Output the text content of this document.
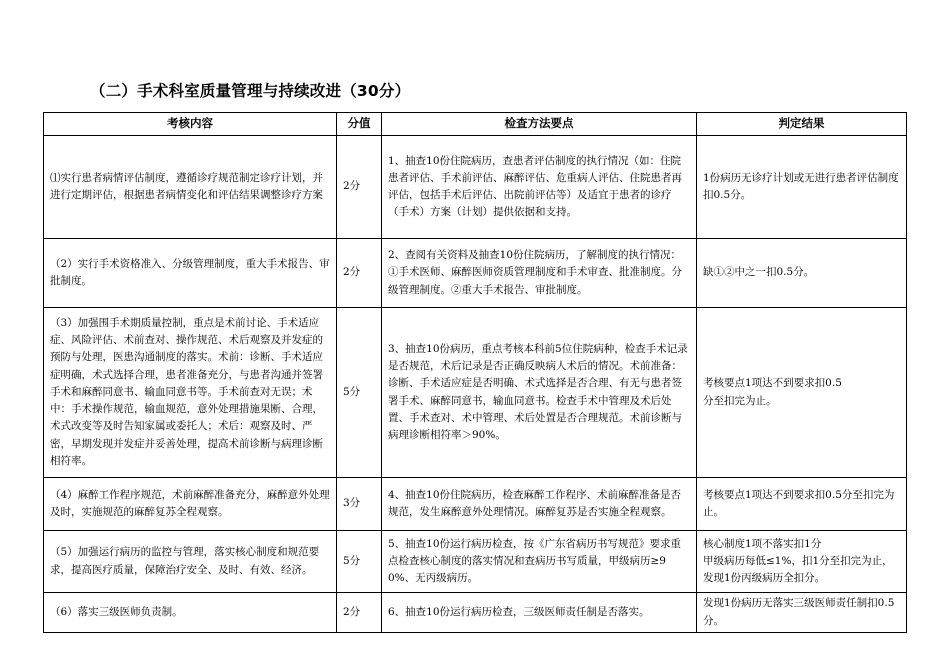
（二）手术科室质量管理与持续改进（30分）
考核内容	分值	检查方法要点	判定结果
⑴实行患者病情评估制度，遵循诊疗规范制定诊疗计划，并进行定期评估，根据患者病情变化和评估结果调整诊疗方案	2分	1、抽查10份住院病历，查患者评估制度的执行情况（如：住院患者评估、手术前评估、麻醉评估、危重病人评估、住院患者再评估，包括手术后评估、出院前评估等）及适宜于患者的诊疗（手术）方案（计划）提供依据和支持。	1份病历无诊疗计划或无进行患者评估制度扣0.5分。

（2）实行手术资格准入、分级管理制度，重大手术报告、审批制度。	2分	2、查阅有关资料及抽查10份住院病历，了解制度的执行情况：①手术医师、麻醉医师资质管理制度和手术审查、批准制度。分级管理制度。②重大手术报告、审批制度。	缺①②中之一扣0.5分。

（3）加强围手术期质量控制，重点是术前讨论、手术适应症、风险评估、术前查对、操作规范、术后观察及并发症的预防与处理，医患沟通制度的落实。术前：诊断、手术适应症明确，术式选择合理，患者准备充分，与患者沟通并签署手术和麻醉同意书、输血同意书等。手术前查对无误；术中：手术操作规范，输血规范，意外处理措施果断、合理，术式改变等及时告知家属或委托人；术后：观察及时、严密，早期发现并发症并妥善处理，提高术前诊断与病理诊断相符率。	5分	3、抽查10份病历，重点考核本科前5位住院病种，检查手术记录是否规范，术后记录是否正确反映病人术后的情况。术前准备：诊断、手术适应症是否明确、术式选择是否合理、有无与患者签署手术、麻醉同意书，输血同意书。检查手术中管理及术后处置、手术查对、术中管理、术后处置是否合理规范。术前诊断与病理诊断相符率＞90%。	考核要点1项达不到要求扣0.5
分至扣完为止。

（4）麻醉工作程序规范，术前麻醉准备充分，麻醉意外处理及时，实施规范的麻醉复苏全程观察。	3分	4、抽查10份住院病历，检查麻醉工作程序、术前麻醉准备是否规范，发生麻醉意外处理情况。麻醉复苏是否实施全程观察。	考核要点1项达不到要求扣0.5分至扣完为止。

（5）加强运行病历的监控与管理，落实核心制度和规范要求，提高医疗质量，保障治疗安全、及时、有效、经济。	5分	5、抽查10份运行病历检查，按《广东省病历书写规范》要求重点检查核心制度的落实情况和查病历书写质量，甲级病历≥90%、无丙级病历。	核心制度1项不落实扣1分
甲级病历每低≤1%，扣1分至扣完为止，发现1份丙级病历全扣分。

（6）落实三级医师负责制。	2分	6、抽查10份运行病历检查，三级医师责任制是否落实。	发现1份病历无落实三级医师责任制扣0.5分。
